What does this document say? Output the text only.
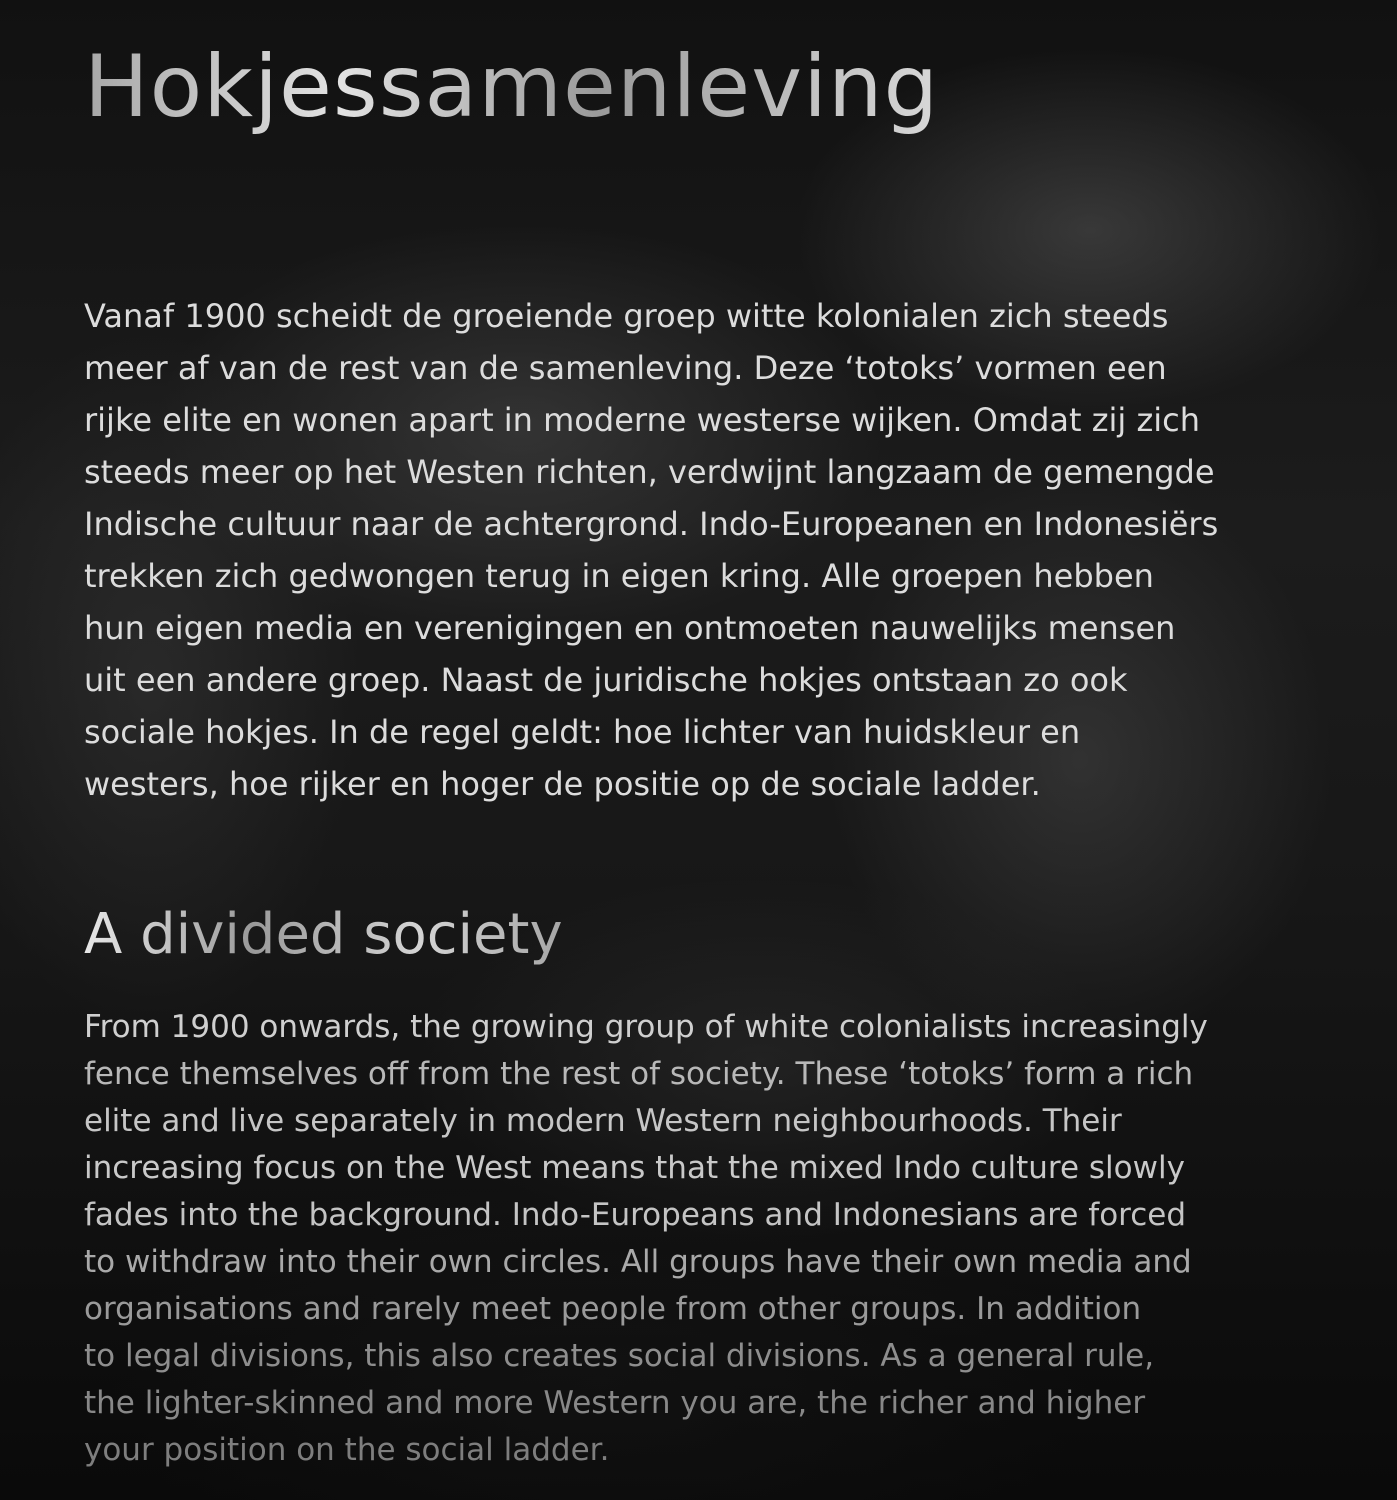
Hokjessamenleving
Vanaf 1900 scheidt de groeiende groep witte kolonialen zich steeds
meer af van de rest van de samenleving. Deze ‘totoks’ vormen een
rijke elite en wonen apart in moderne westerse wijken. Omdat zij zich
steeds meer op het Westen richten, verdwijnt langzaam de gemengde
Indische cultuur naar de achtergrond. Indo-Europeanen en Indonesiërs
trekken zich gedwongen terug in eigen kring. Alle groepen hebben
hun eigen media en verenigingen en ontmoeten nauwelijks mensen
uit een andere groep. Naast de juridische hokjes ontstaan zo ook
sociale hokjes. In de regel geldt: hoe lichter van huidskleur en
westers, hoe rijker en hoger de positie op de sociale ladder.
A divided society
From 1900 onwards, the growing group of white colonialists increasingly
fence themselves off from the rest of society. These ‘totoks’ form a rich
elite and live separately in modern Western neighbourhoods. Their
increasing focus on the West means that the mixed Indo culture slowly
fades into the background. Indo-Europeans and Indonesians are forced
to withdraw into their own circles. All groups have their own media and
organisations and rarely meet people from other groups. In addition
to legal divisions, this also creates social divisions. As a general rule,
the lighter-skinned and more Western you are, the richer and higher
your position on the social ladder.
